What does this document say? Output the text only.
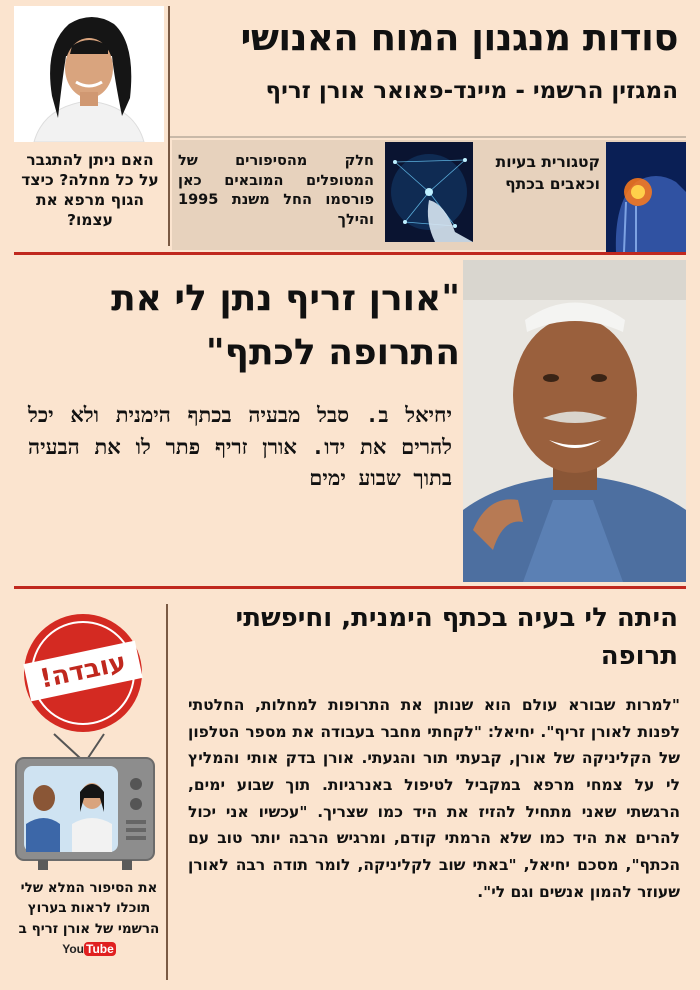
סודות מנגנון המוח האנושי
המגזין הרשמי - מיינד-פאואר אורן זריף
האם ניתן להתגבר על כל מחלה? כיצד הגוף מרפא את עצמו?
חלק מהסיפורים של המטופלים המובאים כאן פורסמו החל משנת 1995 והילך
קטגורית בעיות וכאבים בכתף
"אורן זריף נתן לי את התרופה לכתף"
יחיאל ב. סבל מבעיה בכתף הימנית ולא יכל להרים את ידו. אורן זריף פתר לו את הבעיה בתוך שבוע ימים
עובדה!
את הסיפור המלא שלי תוכלו לראות בערוץ הרשמי של אורן זריף ב You Tube
היתה לי בעיה בכתף הימנית, וחיפשתי תרופה
"למרות שבורא עולם הוא שנותן את התרופות למחלות, החלטתי לפנות לאורן זריף". יחיאל: "לקחתי מחבר בעבודה את מספר הטלפון של הקליניקה של אורן, קבעתי תור והגעתי. אורן בדק אותי והמליץ לי על צמחי מרפא במקביל לטיפול באנרגיות. תוך שבוע ימים, הרגשתי שאני מתחיל להזיז את היד כמו שצריך. "עכשיו אני יכול להרים את היד כמו שלא הרמתי קודם, ומרגיש הרבה יותר טוב עם הכתף", מסכם יחיאל, "באתי שוב לקליניקה, לומר תודה רבה לאורן שעוזר להמון אנשים וגם לי".
